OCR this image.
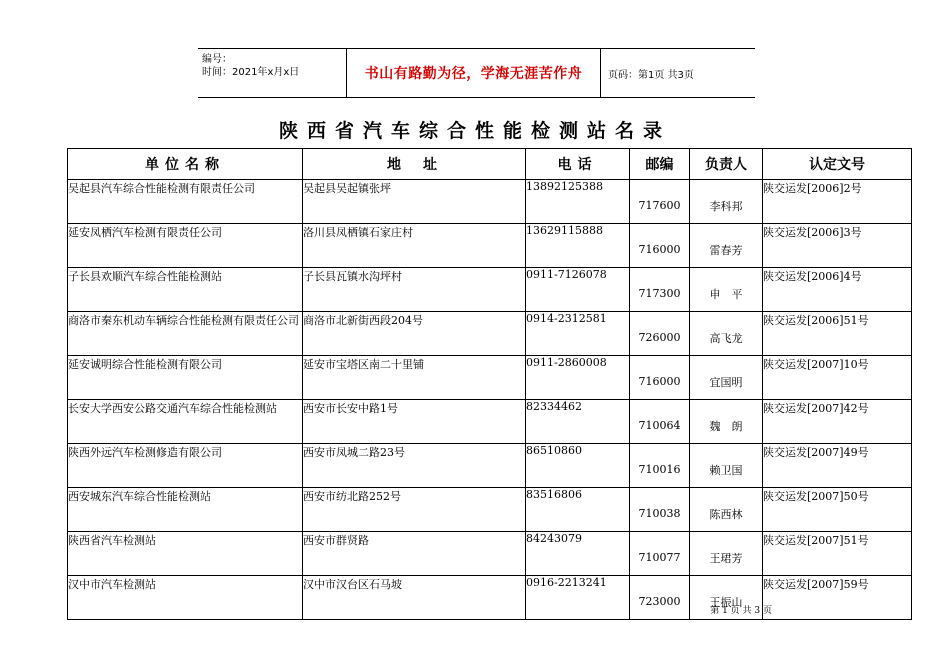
编号：
时间：2021年x月x日	书山有路勤为径，学海无涯苦作舟	页码：第1页 共3页
陕西省汽车综合性能检测站名录
单位名称	地　址	电话	邮编	负责人	认定文号
吴起县汽车综合性能检测有限责任公司	吴起县吴起镇张坪	13892125388	717600	李科邦	陕交运发[2006]2号
延安凤栖汽车检测有限责任公司	洛川县凤栖镇石家庄村	13629115888	716000	雷春芳	陕交运发[2006]3号
子长县欢顺汽车综合性能检测站	子长县瓦镇水沟坪村	0911-7126078	717300	申　平	陕交运发[2006]4号
商洛市秦东机动车辆综合性能检测有限责任公司	商洛市北新街西段204号	0914-2312581	726000	高飞龙	陕交运发[2006]51号
延安诚明综合性能检测有限公司	延安市宝塔区南二十里铺	0911-2860008	716000	宜国明	陕交运发[2007]10号
长安大学西安公路交通汽车综合性能检测站	西安市长安中路1号	82334462	710064	魏　朗	陕交运发[2007]42号
陕西外远汽车检测修造有限公司	西安市凤城二路23号	86510860	710016	赖卫国	陕交运发[2007]49号
西安城东汽车综合性能检测站	西安市纺北路252号	83516806	710038	陈西林	陕交运发[2007]50号
陕西省汽车检测站	西安市群贤路	84243079	710077	王珺芳	陕交运发[2007]51号
汉中市汽车检测站	汉中市汉台区石马坡	0916-2213241	723000	王振山	陕交运发[2007]59号
第 1 页 共 3 页
